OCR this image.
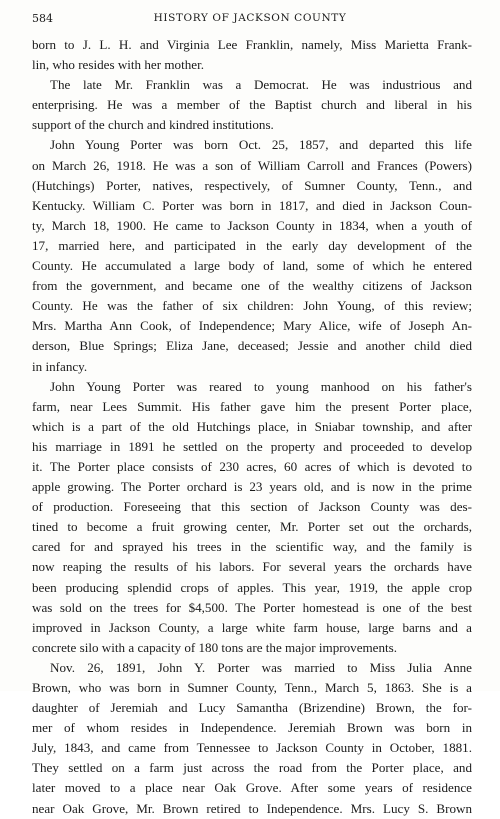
584	HISTORY OF JACKSON COUNTY
born to J. L. H. and Virginia Lee Franklin, namely, Miss Marietta Frank-
lin, who resides with her mother.
The late Mr. Franklin was a Democrat. He was industrious and
enterprising. He was a member of the Baptist church and liberal in his
support of the church and kindred institutions.
John Young Porter was born Oct. 25, 1857, and departed this life
on March 26, 1918. He was a son of William Carroll and Frances (Powers)
(Hutchings) Porter, natives, respectively, of Sumner County, Tenn., and
Kentucky. William C. Porter was born in 1817, and died in Jackson Coun-
ty, March 18, 1900. He came to Jackson County in 1834, when a youth of
17, married here, and participated in the early day development of the
County. He accumulated a large body of land, some of which he entered
from the government, and became one of the wealthy citizens of Jackson
County. He was the father of six children: John Young, of this review;
Mrs. Martha Ann Cook, of Independence; Mary Alice, wife of Joseph An-
derson, Blue Springs; Eliza Jane, deceased; Jessie and another child died
in infancy.
John Young Porter was reared to young manhood on his father's
farm, near Lees Summit. His father gave him the present Porter place,
which is a part of the old Hutchings place, in Sniabar township, and after
his marriage in 1891 he settled on the property and proceeded to develop
it. The Porter place consists of 230 acres, 60 acres of which is devoted to
apple growing. The Porter orchard is 23 years old, and is now in the prime
of production. Foreseeing that this section of Jackson County was des-
tined to become a fruit growing center, Mr. Porter set out the orchards,
cared for and sprayed his trees in the scientific way, and the family is
now reaping the results of his labors. For several years the orchards have
been producing splendid crops of apples. This year, 1919, the apple crop
was sold on the trees for $4,500. The Porter homestead is one of the best
improved in Jackson County, a large white farm house, large barns and a
concrete silo with a capacity of 180 tons are the major improvements.
Nov. 26, 1891, John Y. Porter was married to Miss Julia Anne
Brown, who was born in Sumner County, Tenn., March 5, 1863. She is a
daughter of Jeremiah and Lucy Samantha (Brizendine) Brown, the for-
mer of whom resides in Independence. Jeremiah Brown was born in
July, 1843, and came from Tennessee to Jackson County in October, 1881.
They settled on a farm just across the road from the Porter place, and
later moved to a place near Oak Grove. After some years of residence
near Oak Grove, Mr. Brown retired to Independence. Mrs. Lucy S. Brown
